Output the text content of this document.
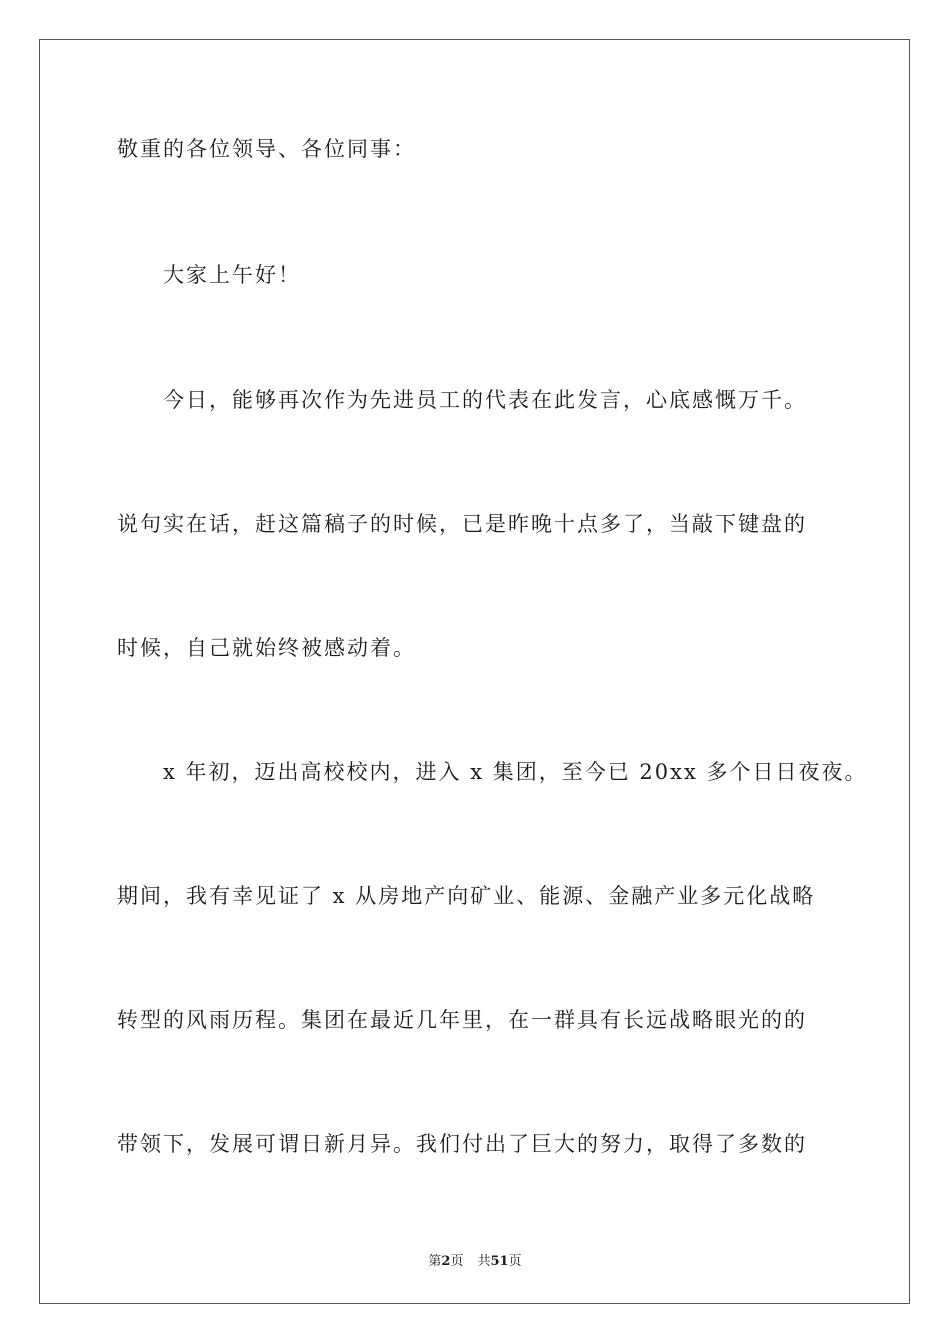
敬重的各位领导、各位同事：
大家上午好！
今日，能够再次作为先进员工的代表在此发言，心底感慨万千。
说句实在话，赶这篇稿子的时候，已是昨晚十点多了，当敲下键盘的
时候，自己就始终被感动着。
x 年初，迈出高校校内，进入 x 集团，至今已 20xx 多个日日夜夜。
期间，我有幸见证了 x 从房地产向矿业、能源、金融产业多元化战略
转型的风雨历程。集团在最近几年里，在一群具有长远战略眼光的的
带领下，发展可谓日新月异。我们付出了巨大的努力，取得了多数的
第2页 共51页
